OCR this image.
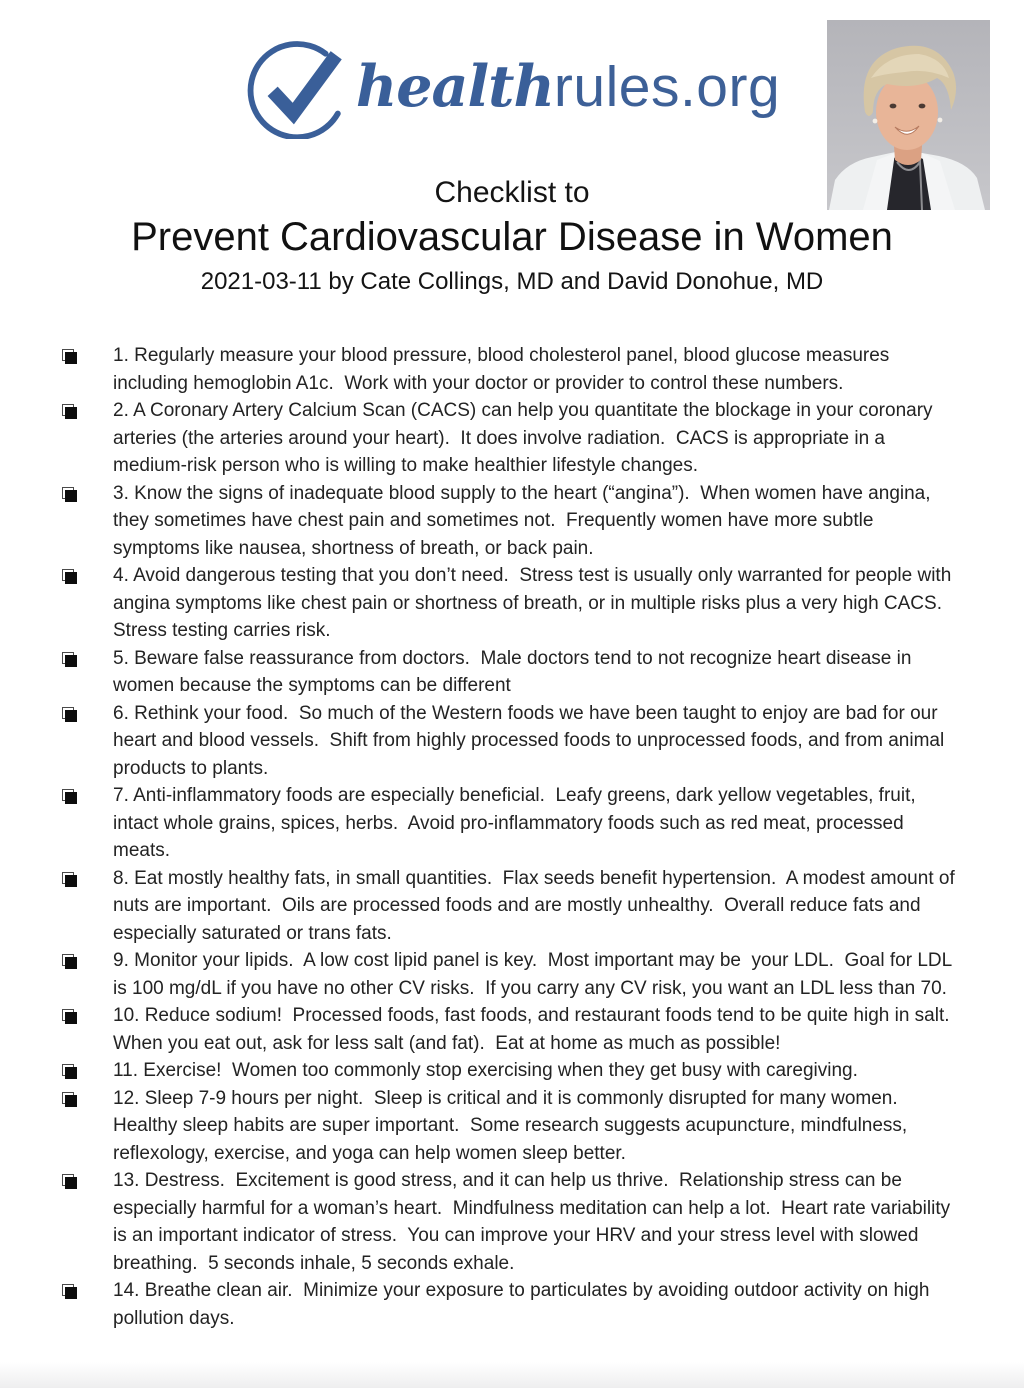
health rules.org
Checklist to
Prevent Cardiovascular Disease in Women
2021-03-11 by Cate Collings, MD and David Donohue, MD
1. Regularly measure your blood pressure, blood cholesterol panel, blood glucose measures including hemoglobin A1c.  Work with your doctor or provider to control these numbers.
2. A Coronary Artery Calcium Scan (CACS) can help you quantitate the blockage in your coronary arteries (the arteries around your heart).  It does involve radiation.  CACS is appropriate in a medium-risk person who is willing to make healthier lifestyle changes.
3. Know the signs of inadequate blood supply to the heart (“angina”).  When women have angina, they sometimes have chest pain and sometimes not.  Frequently women have more subtle symptoms like nausea, shortness of breath, or back pain.
4. Avoid dangerous testing that you don’t need.  Stress test is usually only warranted for people with angina symptoms like chest pain or shortness of breath, or in multiple risks plus a very high CACS.  Stress testing carries risk.
5. Beware false reassurance from doctors.  Male doctors tend to not recognize heart disease in women because the symptoms can be different
6. Rethink your food.  So much of the Western foods we have been taught to enjoy are bad for our heart and blood vessels.  Shift from highly processed foods to unprocessed foods, and from animal products to plants.
7. Anti-inflammatory foods are especially beneficial.  Leafy greens, dark yellow vegetables, fruit, intact whole grains, spices, herbs.  Avoid pro-inflammatory foods such as red meat, processed meats.
8. Eat mostly healthy fats, in small quantities.  Flax seeds benefit hypertension.  A modest amount of nuts are important.  Oils are processed foods and are mostly unhealthy.  Overall reduce fats and especially saturated or trans fats.
9. Monitor your lipids.  A low cost lipid panel is key.  Most important may be  your LDL.  Goal for LDL is 100 mg/dL if you have no other CV risks.  If you carry any CV risk, you want an LDL less than 70.
10. Reduce sodium!  Processed foods, fast foods, and restaurant foods tend to be quite high in salt.  When you eat out, ask for less salt (and fat).  Eat at home as much as possible!
11. Exercise!  Women too commonly stop exercising when they get busy with caregiving.
12. Sleep 7-9 hours per night.  Sleep is critical and it is commonly disrupted for many women.  Healthy sleep habits are super important.  Some research suggests acupuncture, mindfulness, reflexology, exercise, and yoga can help women sleep better.
13. Destress.  Excitement is good stress, and it can help us thrive.  Relationship stress can be especially harmful for a woman’s heart.  Mindfulness meditation can help a lot.  Heart rate variability is an important indicator of stress.  You can improve your HRV and your stress level with slowed breathing.  5 seconds inhale, 5 seconds exhale.
14. Breathe clean air.  Minimize your exposure to particulates by avoiding outdoor activity on high pollution days.
